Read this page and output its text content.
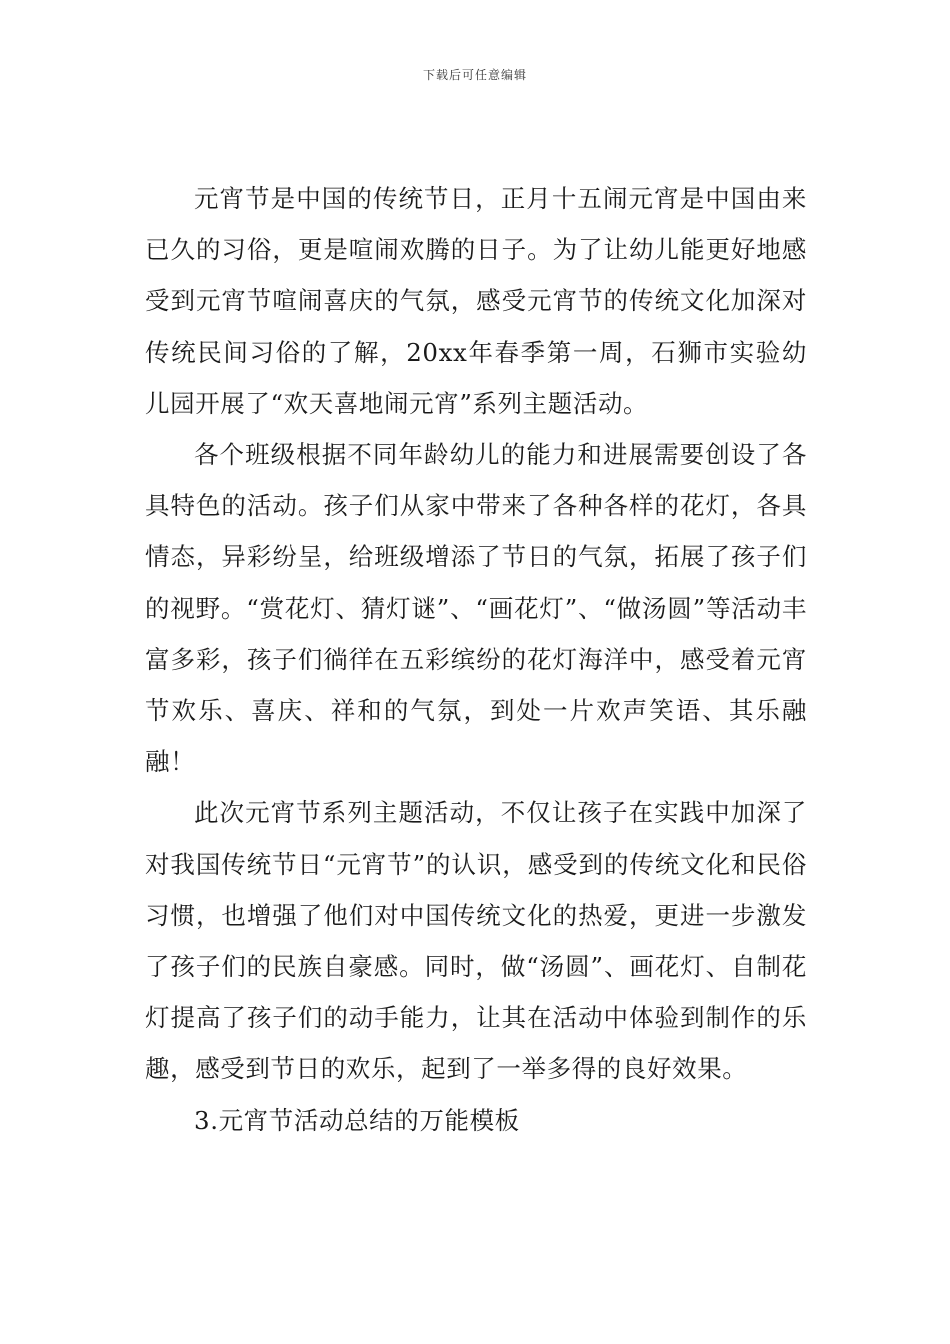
下载后可任意编辑

元宵节是中国的传统节日，正月十五闹元宵是中国由来已久的习俗，更是喧闹欢腾的日子。为了让幼儿能更好地感受到元宵节喧闹喜庆的气氛，感受元宵节的传统文化加深对传统民间习俗的了解，20xx年春季第一周，石狮市实验幼儿园开展了“欢天喜地闹元宵”系列主题活动。

各个班级根据不同年龄幼儿的能力和进展需要创设了各具特色的活动。孩子们从家中带来了各种各样的花灯，各具情态，异彩纷呈，给班级增添了节日的气氛，拓展了孩子们的视野。“赏花灯、猜灯谜”、“画花灯”、“做汤圆”等活动丰富多彩，孩子们徜徉在五彩缤纷的花灯海洋中，感受着元宵节欢乐、喜庆、祥和的气氛，到处一片欢声笑语、其乐融融！

此次元宵节系列主题活动，不仅让孩子在实践中加深了对我国传统节日“元宵节”的认识，感受到的传统文化和民俗习惯，也增强了他们对中国传统文化的热爱，更进一步激发了孩子们的民族自豪感。同时，做“汤圆”、画花灯、自制花灯提高了孩子们的动手能力，让其在活动中体验到制作的乐趣，感受到节日的欢乐，起到了一举多得的良好效果。

3.元宵节活动总结的万能模板
